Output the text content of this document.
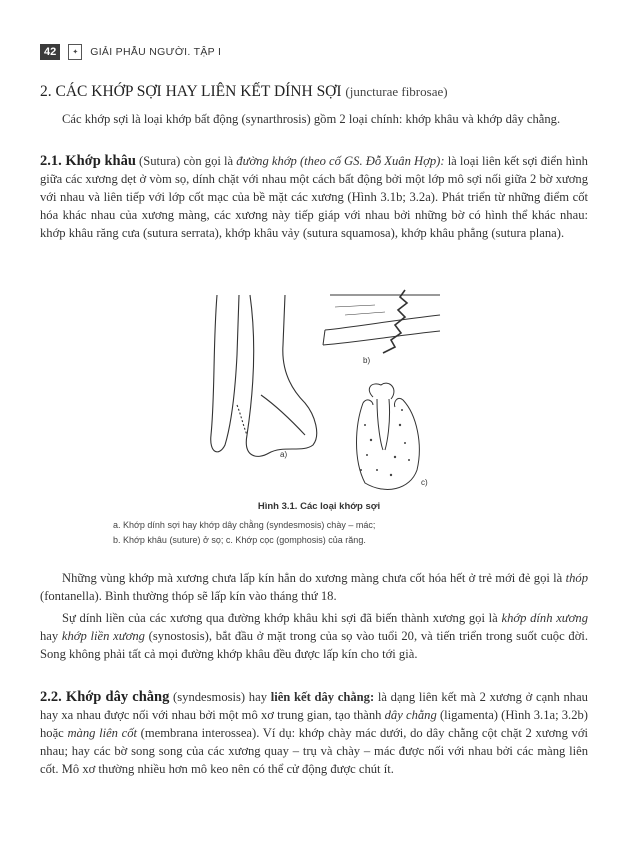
42	✦	GIẢI PHẪU NGƯỜI. TẬP I
2. CÁC KHỚP SỢI HAY LIÊN KẾT DÍNH SỢI (juncturae fibrosae)
Các khớp sợi là loại khớp bất động (synarthrosis) gồm 2 loại chính: khớp khâu và khớp dây chằng.
2.1. Khớp khâu (Sutura) còn gọi là đường khớp (theo cố GS. Đỗ Xuân Hợp): là loại liên kết sợi điển hình giữa các xương dẹt ở vòm sọ, dính chặt với nhau một cách bất động bởi một lớp mô sợi nối giữa 2 bờ xương với nhau và liên tiếp với lớp cốt mạc của bề mặt các xương (Hình 3.1b; 3.2a). Phát triển từ những điểm cốt hóa khác nhau của xương màng, các xương này tiếp giáp với nhau bởi những bờ có hình thể khác nhau: khớp khâu răng cưa (sutura serrata), khớp khâu vảy (sutura squamosa), khớp khâu phẳng (sutura plana).
a)
b)
c)
Hình 3.1. Các loại khớp sợi
a. Khớp dính sợi hay khớp dây chằng (syndesmosis) chày – mác;
b. Khớp khâu (suture) ở sọ; c. Khớp cọc (gomphosis) của răng.
Những vùng khớp mà xương chưa lấp kín hẳn do xương màng chưa cốt hóa hết ở trẻ mới đẻ gọi là thóp (fontanella). Bình thường thóp sẽ lấp kín vào tháng thứ 18.
Sự dính liền của các xương qua đường khớp khâu khi sợi đã biến thành xương gọi là khớp dính xương hay khớp liền xương (synostosis), bắt đầu ở mặt trong của sọ vào tuổi 20, và tiến triển trong suốt cuộc đời. Song không phải tất cả mọi đường khớp khâu đều được lấp kín cho tới già.
2.2. Khớp dây chằng (syndesmosis) hay liên kết dây chằng: là dạng liên kết mà 2 xương ở cạnh nhau hay xa nhau được nối với nhau bởi một mô xơ trung gian, tạo thành dây chằng (ligamenta) (Hình 3.1a; 3.2b) hoặc màng liên cốt (membrana interossea). Ví dụ: khớp chày mác dưới, do dây chằng cột chặt 2 xương với nhau; hay các bờ song song của các xương quay – trụ và chày – mác được nối với nhau bởi các màng liên cốt. Mô xơ thường nhiều hơn mô keo nên có thể cử động được chút ít.
